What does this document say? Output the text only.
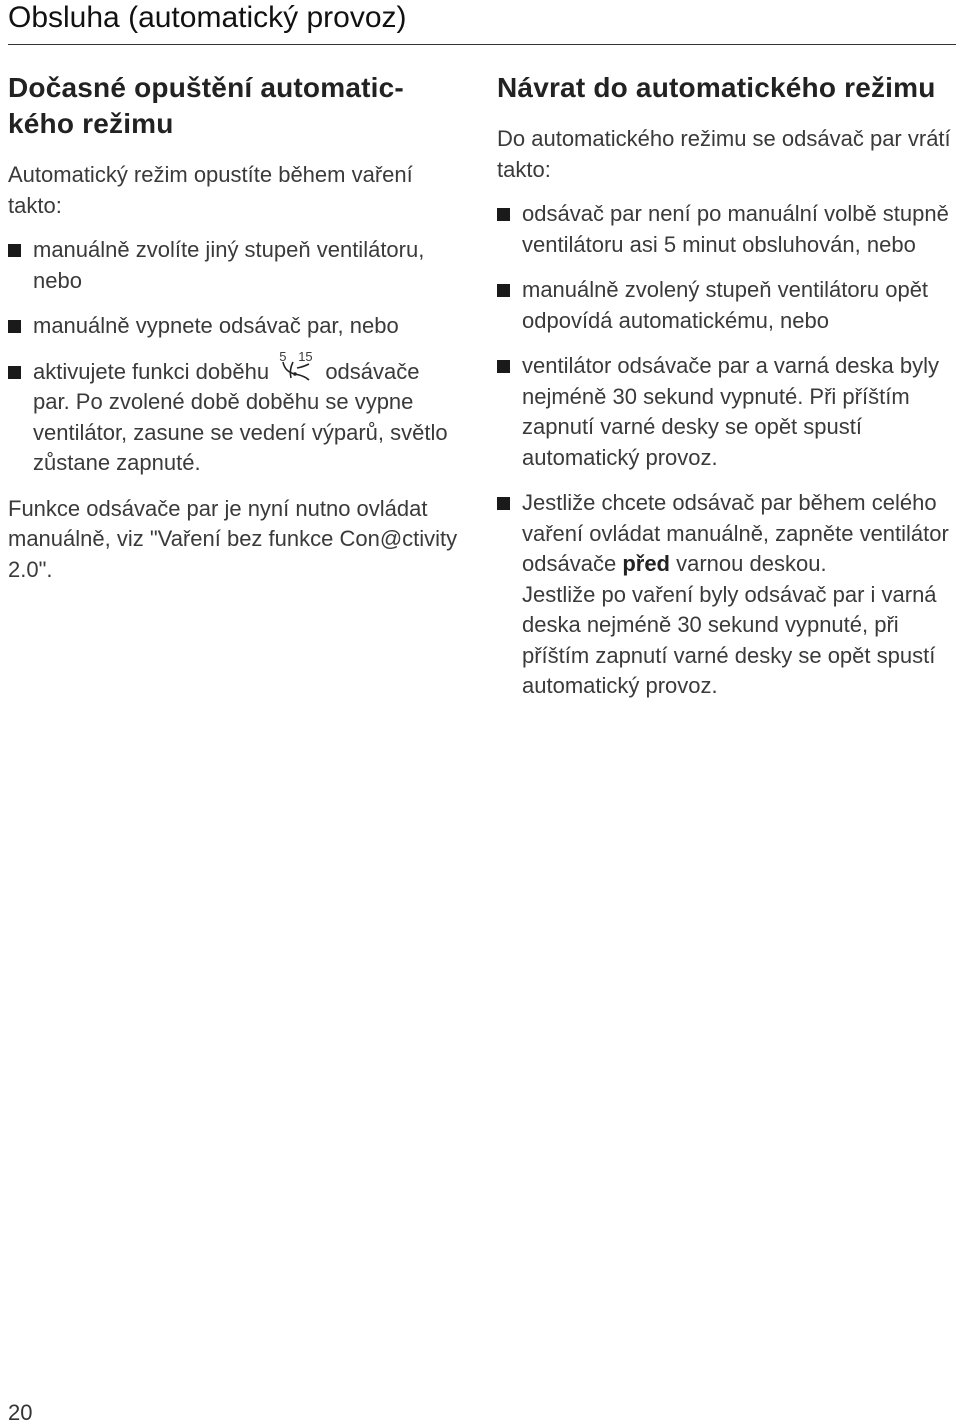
Obsluha (automatický provoz)
Dočasné opuštění automatického režimu

Automatický režim opustíte během vaření takto:

manuálně zvolíte jiný stupeň ventilátoru, nebo
manuálně vypnete odsávač par, nebo
aktivujete funkci doběhu
5 15
odsávače par. Po zvolené době doběhu se vypne ventilátor, zasune se vedení výparů, světlo zůstane zapnuté.

Funkce odsávače par je nyní nutno ovládat manuálně, viz "Vaření bez funkce Con@ctivity 2.0".

Návrat do automatického režimu

Do automatického režimu se odsávač par vrátí takto:

odsávač par není po manuální volbě stupně ventilátoru asi 5 minut obsluhován, nebo
manuálně zvolený stupeň ventilátoru opět odpovídá automatickému, nebo
ventilátor odsávače par a varná deska byly nejméně 30 sekund vypnuté. Při příštím zapnutí varné desky se opět spustí automatický provoz.
Jestliže chcete odsávač par během celého vaření ovládat manuálně, zapněte ventilátor odsávače před varnou deskou.
Jestliže po vaření byly odsávač par i varná deska nejméně 30 sekund vypnuté, při příštím zapnutí varné desky se opět spustí automatický provoz.
20
